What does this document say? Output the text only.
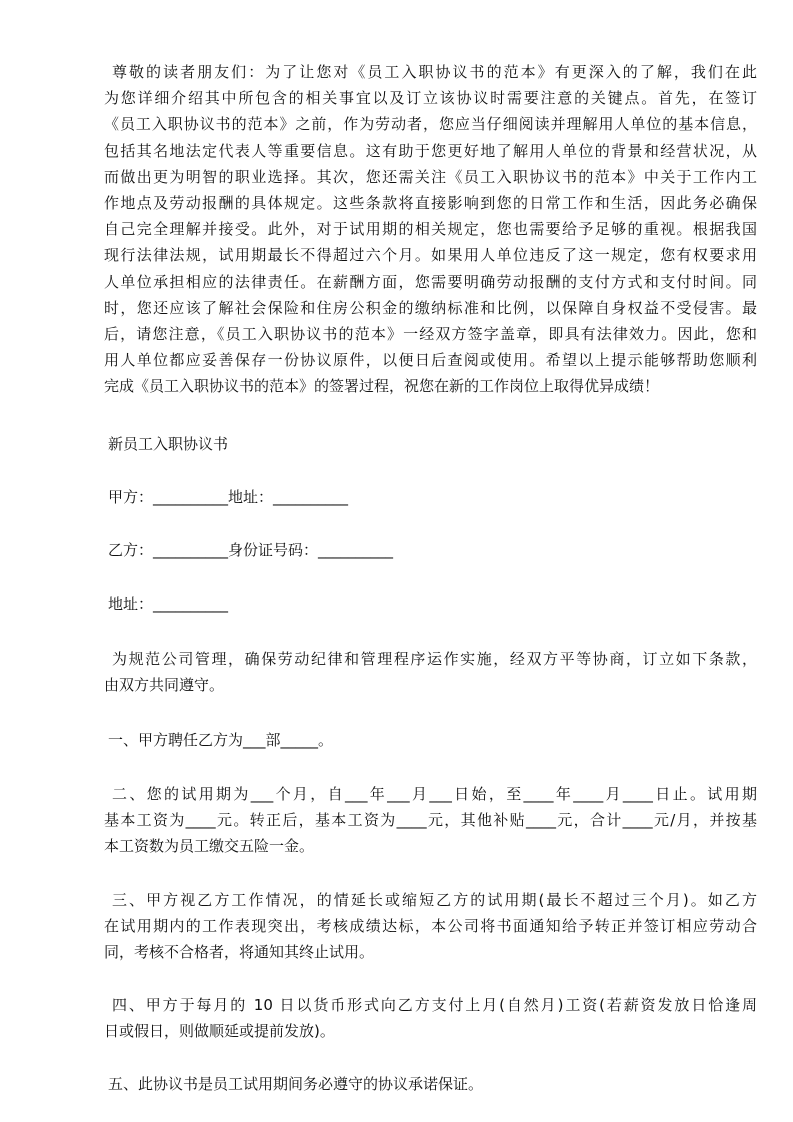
新员工入职协议书
甲方：__________地址：__________
乙方：__________身份证号码：__________
地址：__________
尊敬的读者朋友们：为了让您对《员工入职协议书的范本》有更深入的了解，我们在此
为您详细介绍其中所包含的相关事宜以及订立该协议时需要注意的关键点。首先，在签订
《员工入职协议书的范本》之前，作为劳动者，您应当仔细阅读并理解用人单位的基本信息，
包括其名地法定代表人等重要信息。这有助于您更好地了解用人单位的背景和经营状况，从
而做出更为明智的职业选择。其次，您还需关注《员工入职协议书的范本》中关于工作内工
作地点及劳动报酬的具体规定。这些条款将直接影响到您的日常工作和生活，因此务必确保
自己完全理解并接受。此外，对于试用期的相关规定，您也需要给予足够的重视。根据我国
现行法律法规，试用期最长不得超过六个月。如果用人单位违反了这一规定，您有权要求用
人单位承担相应的法律责任。在薪酬方面，您需要明确劳动报酬的支付方式和支付时间。同
时，您还应该了解社会保险和住房公积金的缴纳标准和比例，以保障自身权益不受侵害。最
后，请您注意，《员工入职协议书的范本》一经双方签字盖章，即具有法律效力。因此，您和
用人单位都应妥善保存一份协议原件，以便日后查阅或使用。希望以上提示能够帮助您顺利
完成《员工入职协议书的范本》的签署过程，祝您在新的工作岗位上取得优异成绩！
为规范公司管理，确保劳动纪律和管理程序运作实施，经双方平等协商，订立如下条款，
由双方共同遵守。
一、甲方聘任乙方为___部_____。
二、您的试用期为___个月，自___年___月___日始，至____年____月____日止。试用期
基本工资为____元。转正后，基本工资为____元，其他补贴____元，合计____元/月，并按基
本工资数为员工缴交五险一金。
三、甲方视乙方工作情况，的情延长或缩短乙方的试用期(最长不超过三个月)。如乙方
在试用期内的工作表现突出，考核成绩达标，本公司将书面通知给予转正并签订相应劳动合
同，考核不合格者，将通知其终止试用。
四、甲方于每月的 10 日以货币形式向乙方支付上月(自然月)工资(若薪资发放日恰逢周
日或假日，则做顺延或提前发放)。
五、此协议书是员工试用期间务必遵守的协议承诺保证。
